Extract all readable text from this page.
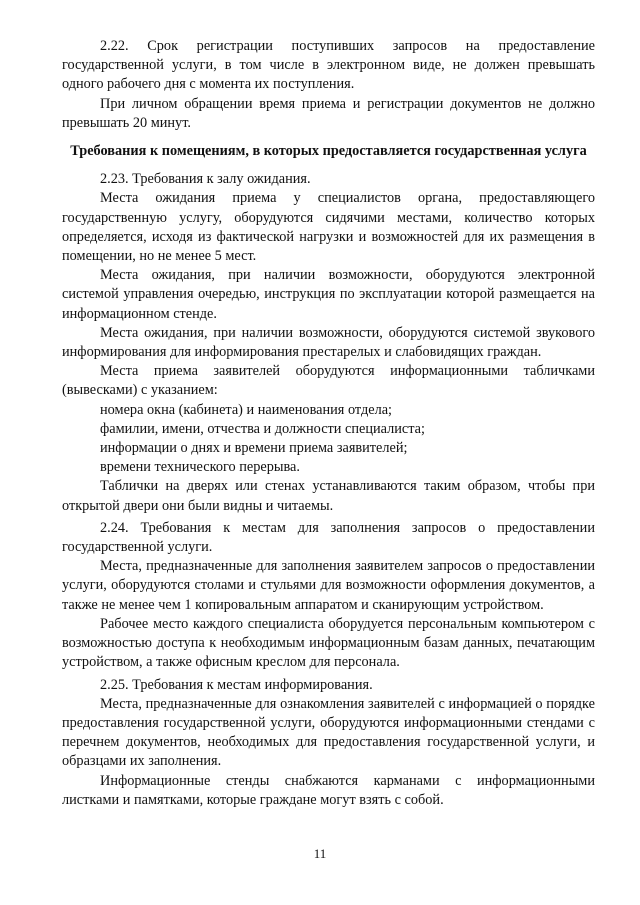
2.22. Срок регистрации поступивших запросов на предоставление государственной услуги, в том числе в электронном виде, не должен превышать одного рабочего дня с момента их поступления.

При личном обращении время приема и регистрации документов не должно превышать 20 минут.

Требования к помещениям, в которых предоставляется государственная услуга

2.23. Требования к залу ожидания.

Места ожидания приема у специалистов органа, предоставляющего государственную услугу, оборудуются сидячими местами, количество которых определяется, исходя из фактической нагрузки и возможностей для их размещения в помещении, но не менее 5 мест.

Места ожидания, при наличии возможности, оборудуются электронной системой управления очередью, инструкция по эксплуатации которой размещается на информационном стенде.

Места ожидания, при наличии возможности, оборудуются системой звукового информирования для информирования престарелых и слабовидящих граждан.

Места приема заявителей оборудуются информационными табличками (вывесками) с указанием:

номера окна (кабинета) и наименования отдела;

фамилии, имени, отчества и должности специалиста;

информации о днях и времени приема заявителей;

времени технического перерыва.

Таблички на дверях или стенах устанавливаются таким образом, чтобы при открытой двери они были видны и читаемы.

2.24. Требования к местам для заполнения запросов о предоставлении государственной услуги.

Места, предназначенные для заполнения заявителем запросов о предоставлении услуги, оборудуются столами и стульями для возможности оформления документов, а также не менее чем 1 копировальным аппаратом и сканирующим устройством.

Рабочее место каждого специалиста оборудуется персональным компьютером с возможностью доступа к необходимым информационным базам данных, печатающим устройством, а также офисным креслом для персонала.

2.25. Требования к местам информирования.

Места, предназначенные для ознакомления заявителей с информацией о порядке предоставления государственной услуги, оборудуются информационными стендами с перечнем документов, необходимых для предоставления государственной услуги, и образцами их заполнения.

Информационные стенды снабжаются карманами с информационными листками и памятками, которые граждане могут взять с собой.

11
